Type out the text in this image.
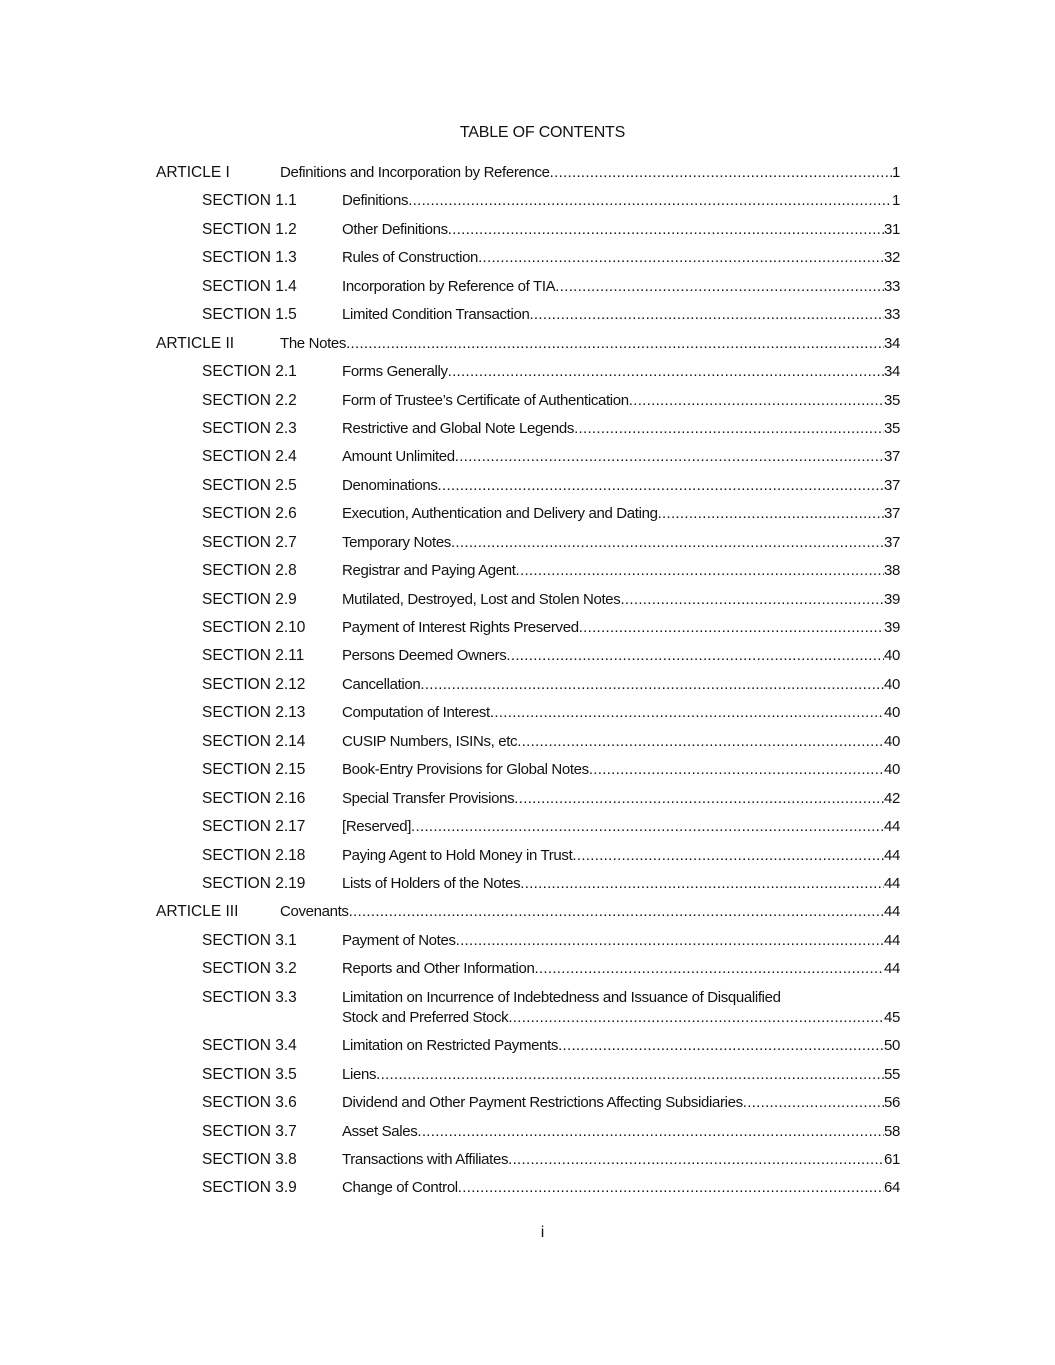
TABLE OF CONTENTS
ARTICLE I	Definitions and Incorporation by Reference .....	1
SECTION 1.1	Definitions .....	1
SECTION 1.2	Other Definitions .....	31
SECTION 1.3	Rules of Construction .....	32
SECTION 1.4	Incorporation by Reference of TIA .....	33
SECTION 1.5	Limited Condition Transaction .....	33
ARTICLE II	The Notes .....	34
SECTION 2.1	Forms Generally .....	34
SECTION 2.2	Form of Trustee’s Certificate of Authentication .....	35
SECTION 2.3	Restrictive and Global Note Legends .....	35
SECTION 2.4	Amount Unlimited .....	37
SECTION 2.5	Denominations .....	37
SECTION 2.6	Execution, Authentication and Delivery and Dating .....	37
SECTION 2.7	Temporary Notes .....	37
SECTION 2.8	Registrar and Paying Agent .....	38
SECTION 2.9	Mutilated, Destroyed, Lost and Stolen Notes .....	39
SECTION 2.10	Payment of Interest Rights Preserved .....	39
SECTION 2.11	Persons Deemed Owners .....	40
SECTION 2.12	Cancellation .....	40
SECTION 2.13	Computation of Interest .....	40
SECTION 2.14	CUSIP Numbers, ISINs, etc .....	40
SECTION 2.15	Book-Entry Provisions for Global Notes .....	40
SECTION 2.16	Special Transfer Provisions .....	42
SECTION 2.17	[Reserved] .....	44
SECTION 2.18	Paying Agent to Hold Money in Trust .....	44
SECTION 2.19	Lists of Holders of the Notes .....	44
ARTICLE III	Covenants .....	44
SECTION 3.1	Payment of Notes .....	44
SECTION 3.2	Reports and Other Information .....	44
SECTION 3.3	Limitation on Incurrence of Indebtedness and Issuance of Disqualified
Stock and Preferred Stock .....	45
SECTION 3.4	Limitation on Restricted Payments .....	50
SECTION 3.5	Liens .....	55
SECTION 3.6	Dividend and Other Payment Restrictions Affecting Subsidiaries .....	56
SECTION 3.7	Asset Sales .....	58
SECTION 3.8	Transactions with Affiliates .....	61
SECTION 3.9	Change of Control .....	64
i
